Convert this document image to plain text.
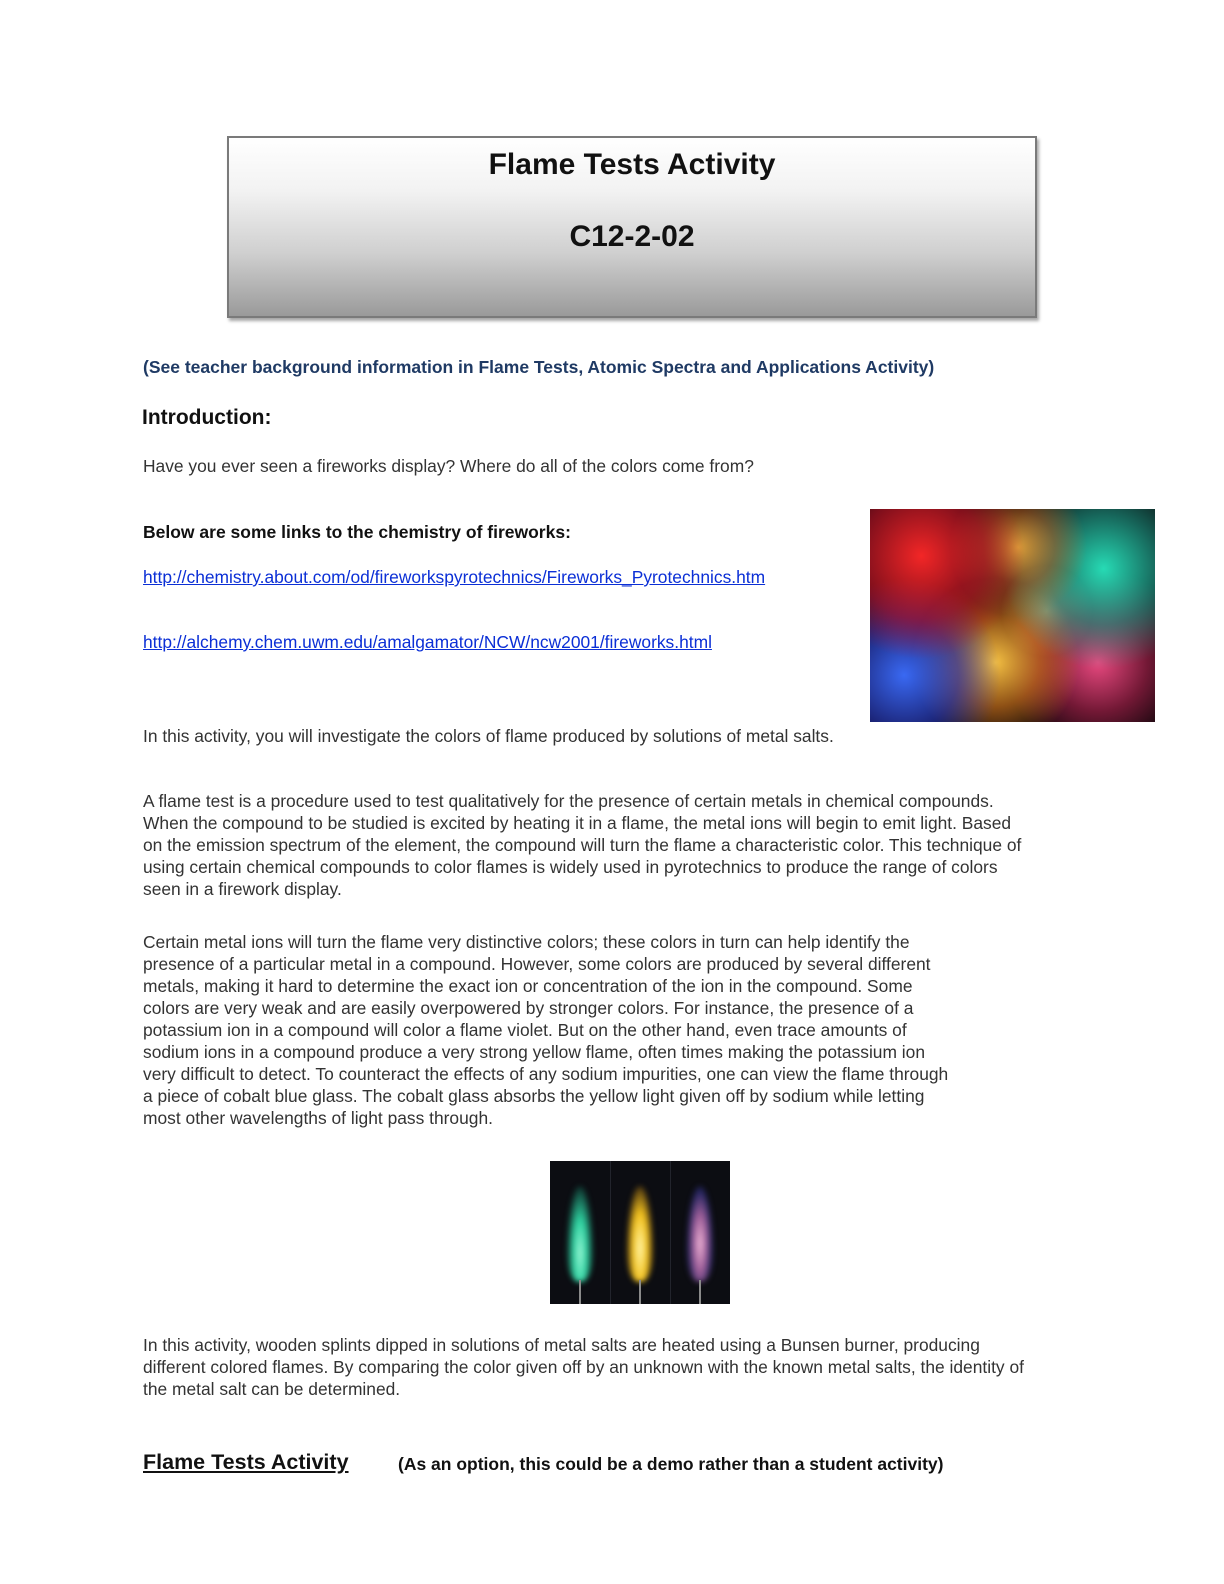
Flame Tests Activity
C12-2-02

(See teacher background information in Flame Tests, Atomic Spectra and Applications Activity)

Introduction:

Have you ever seen a fireworks display? Where do all of the colors come from?

Below are some links to the chemistry of fireworks:

http://chemistry.about.com/od/fireworkspyrotechnics/Fireworks_Pyrotechnics.htm
http://alchemy.chem.uwm.edu/amalgamator/NCW/ncw2001/fireworks.html

In this activity, you will investigate the colors of flame produced by solutions of metal salts.

A flame test is a procedure used to test qualitatively for the presence of certain metals in chemical compounds.
When the compound to be studied is excited by heating it in a flame, the metal ions will begin to emit light. Based
on the emission spectrum of the element, the compound will turn the flame a characteristic color. This technique of
using certain chemical compounds to color flames is widely used in pyrotechnics to produce the range of colors
seen in a firework display.
Certain metal ions will turn the flame very distinctive colors; these colors in turn can help identify the
presence of a particular metal in a compound. However, some colors are produced by several different
metals, making it hard to determine the exact ion or concentration of the ion in the compound. Some
colors are very weak and are easily overpowered by stronger colors. For instance, the presence of a
potassium ion in a compound will color a flame violet. But on the other hand, even trace amounts of
sodium ions in a compound produce a very strong yellow flame, often times making the potassium ion
very difficult to detect. To counteract the effects of any sodium impurities, one can view the flame through
a piece of cobalt blue glass. The cobalt glass absorbs the yellow light given off by sodium while letting
most other wavelengths of light pass through.
In this activity, wooden splints dipped in solutions of metal salts are heated using a Bunsen burner, producing
different colored flames. By comparing the color given off by an unknown with the known metal salts, the identity of
the metal salt can be determined.

Flame Tests Activity	(As an option, this could be a demo rather than a student activity)
